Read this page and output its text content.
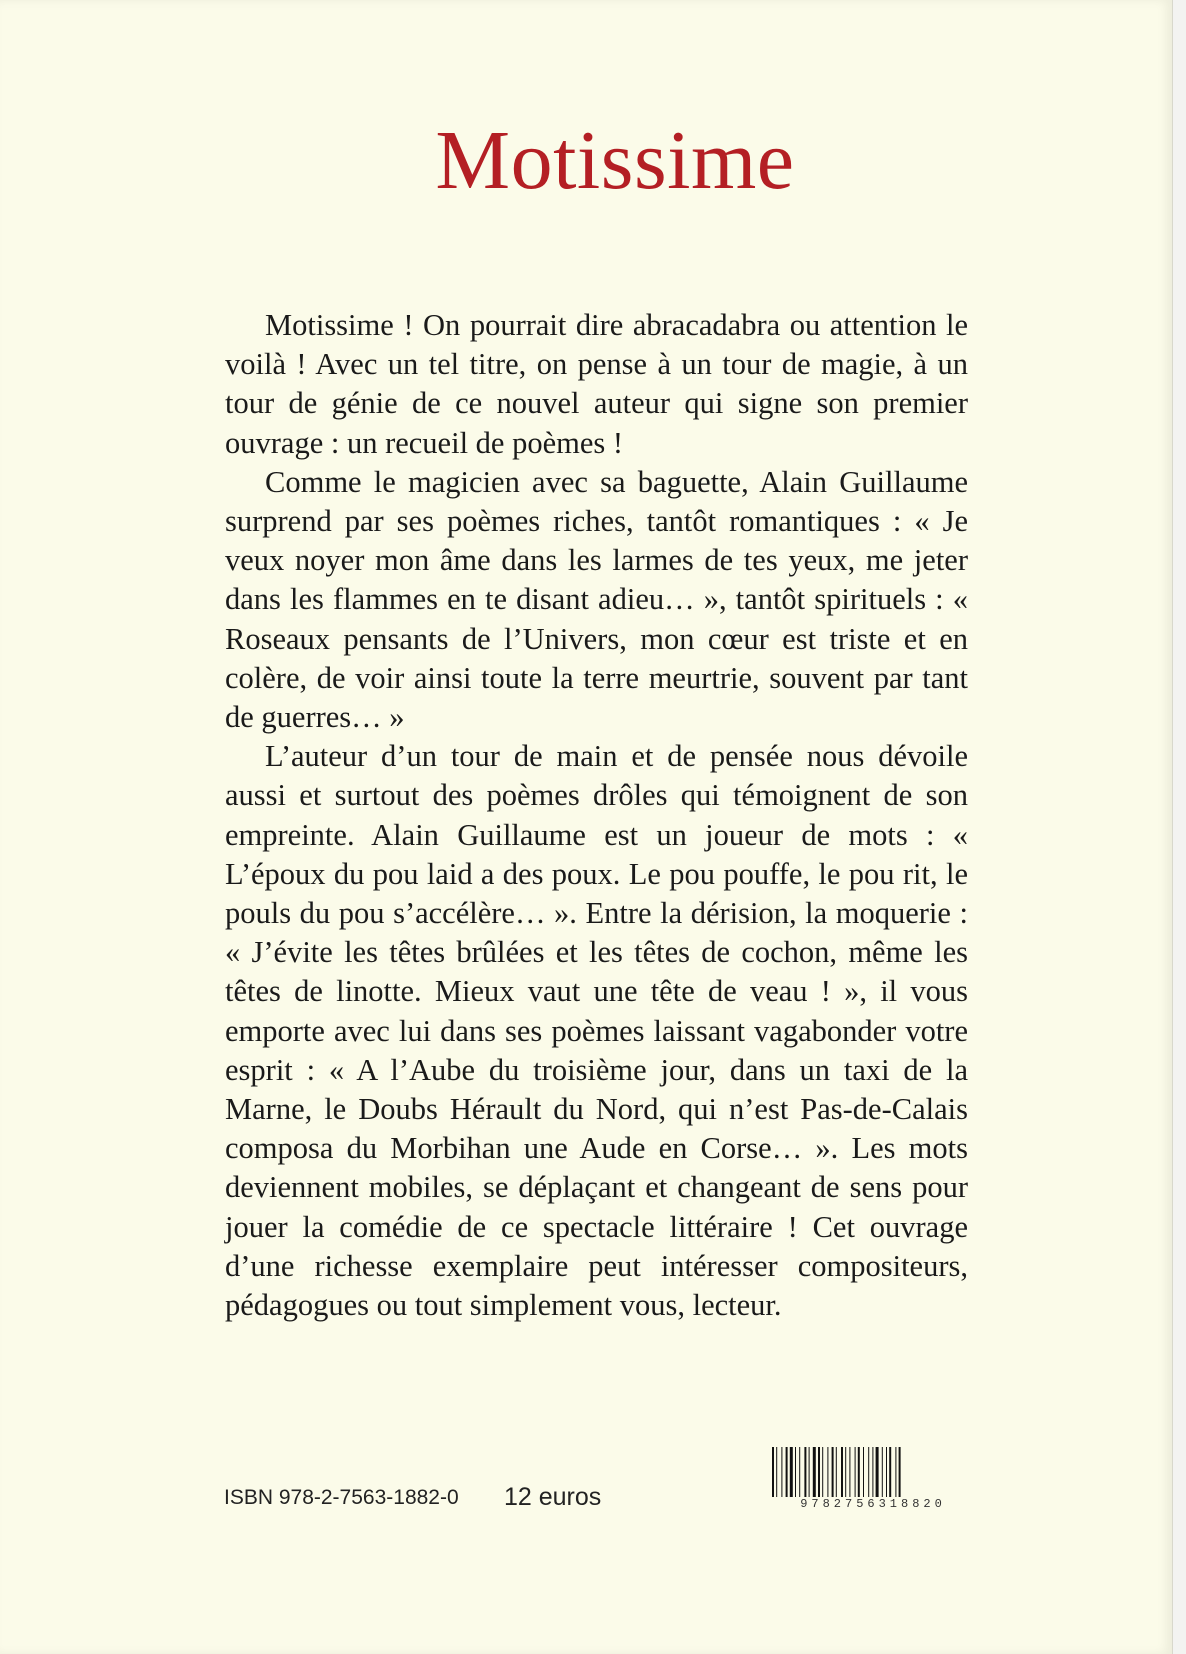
Motissime

Motissime ! On pourrait dire abracadabra ou attention le voilà ! Avec un tel titre, on pense à un tour de magie, à un tour de génie de ce nouvel auteur qui signe son premier ouvrage : un recueil de poèmes !

Comme le magicien avec sa baguette, Alain Guillaume surprend par ses poèmes riches, tantôt romantiques : « Je veux noyer mon âme dans les larmes de tes yeux, me jeter dans les flammes en te disant adieu… », tantôt spirituels : « Roseaux pensants de l’Univers, mon cœur est triste et en colère, de voir ainsi toute la terre meurtrie, souvent par tant de guerres… »

L’auteur d’un tour de main et de pensée nous dévoile aussi et surtout des poèmes drôles qui témoignent de son empreinte. Alain Guillaume est un joueur de mots : « L’époux du pou laid a des poux. Le pou pouffe, le pou rit, le pouls du pou s’accélère… ». Entre la dérision, la moquerie : « J’évite les têtes brûlées et les têtes de cochon, même les têtes de linotte. Mieux vaut une tête de veau ! », il vous emporte avec lui dans ses poèmes laissant vagabonder votre esprit : « A l’Aube du troisième jour, dans un taxi de la Marne, le Doubs Hérault du Nord, qui n’est Pas-de-Calais composa du Morbihan une Aude en Corse… ». Les mots deviennent mobiles, se déplaçant et changeant de sens pour jouer la comédie de ce spectacle littéraire ! Cet ouvrage d’une richesse exemplaire peut intéresser compositeurs, pédagogues ou tout simplement vous, lecteur.

ISBN 978-2-7563-1882-0 12 euros	9782756318820
